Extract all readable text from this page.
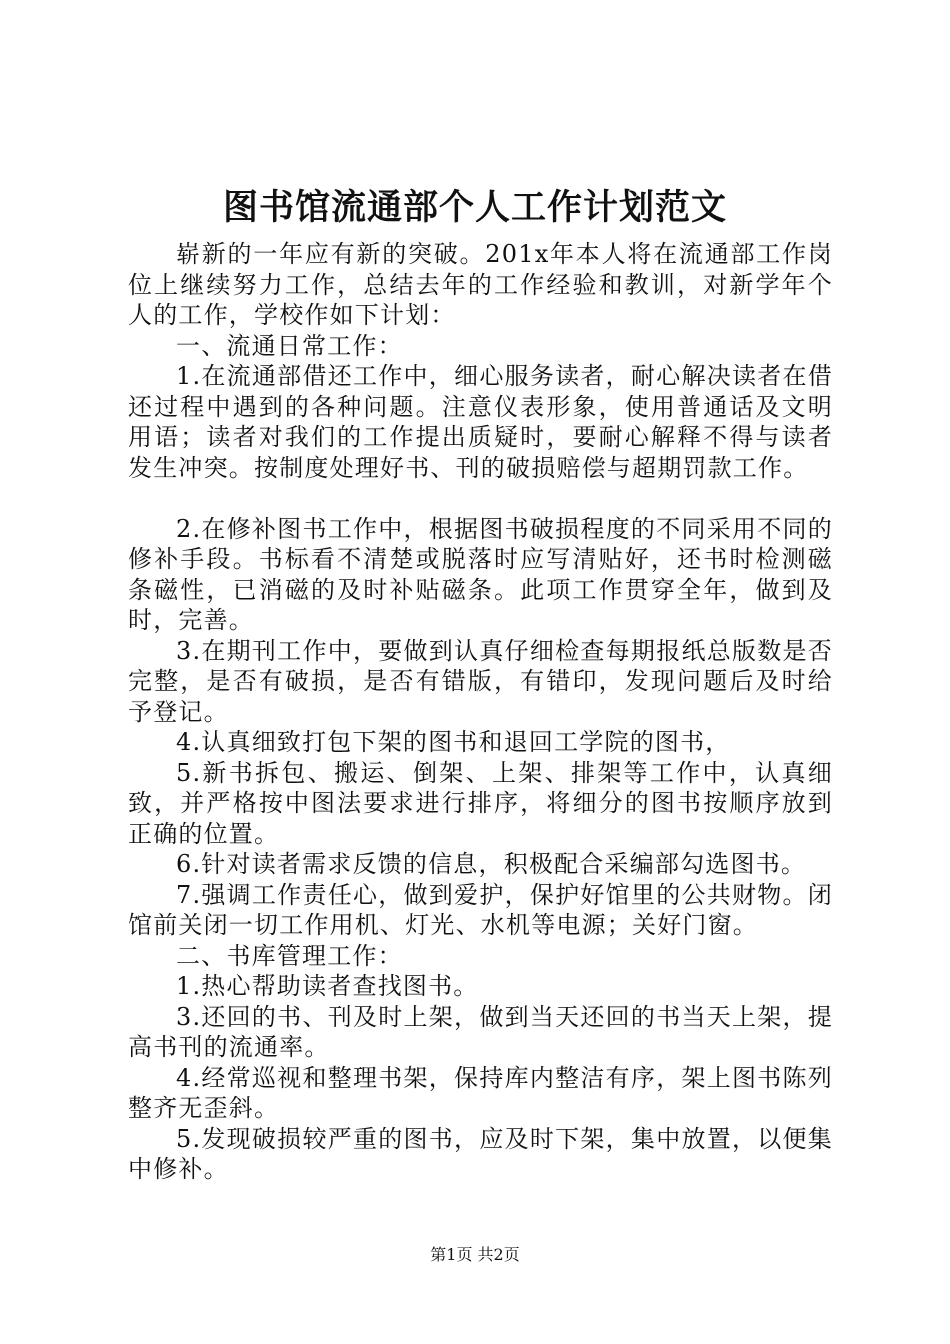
图书馆流通部个人工作计划范文

崭新的一年应有新的突破。201x年本人将在流通部工作岗位上继续努力工作，总结去年的工作经验和教训，对新学年个人的工作，学校作如下计划：

一、流通日常工作：

1.在流通部借还工作中，细心服务读者，耐心解决读者在借还过程中遇到的各种问题。注意仪表形象，使用普通话及文明用语；读者对我们的工作提出质疑时，要耐心解释不得与读者发生冲突。按制度处理好书、刊的破损赔偿与超期罚款工作。

2.在修补图书工作中，根据图书破损程度的不同采用不同的修补手段。书标看不清楚或脱落时应写清贴好，还书时检测磁条磁性，已消磁的及时补贴磁条。此项工作贯穿全年，做到及时，完善。

3.在期刊工作中，要做到认真仔细检查每期报纸总版数是否完整，是否有破损，是否有错版，有错印，发现问题后及时给予登记。

4.认真细致打包下架的图书和退回工学院的图书，

5.新书拆包、搬运、倒架、上架、排架等工作中，认真细致，并严格按中图法要求进行排序，将细分的图书按顺序放到正确的位置。

6.针对读者需求反馈的信息，积极配合采编部勾选图书。

7.强调工作责任心，做到爱护，保护好馆里的公共财物。闭馆前关闭一切工作用机、灯光、水机等电源；关好门窗。

二、书库管理工作：

1.热心帮助读者查找图书。

3.还回的书、刊及时上架，做到当天还回的书当天上架，提高书刊的流通率。

4.经常巡视和整理书架，保持库内整洁有序，架上图书陈列整齐无歪斜。

5.发现破损较严重的图书，应及时下架，集中放置，以便集中修补。

第1页 共2页
